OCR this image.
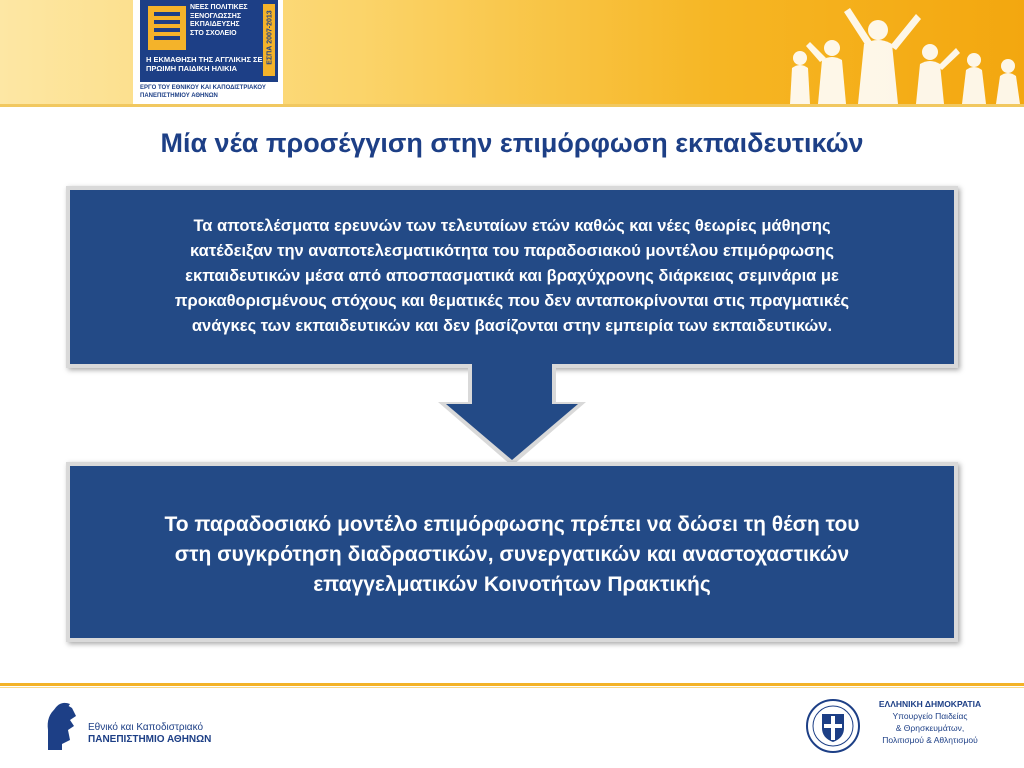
ΝΕΕΣ ΠΟΛΙΤΙΚΕΣ
ΞΕΝΟΓΛΩΣΣΗΣ
ΕΚΠΑΙΔΕΥΣΗΣ
ΣΤΟ ΣΧΟΛΕΙΟ
Η ΕΚΜΑΘΗΣΗ ΤΗΣ ΑΓΓΛΙΚΗΣ ΣΕ
ΠΡΩΙΜΗ ΠΑΙΔΙΚΗ ΗΛΙΚΙΑ
ΕΣΠΑ 2007-2013
ΕΡΓΟ ΤΟΥ ΕΘΝΙΚΟΥ ΚΑΙ ΚΑΠΟΔΙΣΤΡΙΑΚΟΥ
ΠΑΝΕΠΙΣΤΗΜΙΟΥ ΑΘΗΝΩΝ
Μία νέα προσέγγιση στην επιμόρφωση εκπαιδευτικών
Τα αποτελέσματα ερευνών των τελευταίων ετών καθώς και νέες θεωρίες μάθησης
κατέδειξαν την αναποτελεσματικότητα του παραδοσιακού μοντέλου επιμόρφωσης
εκπαιδευτικών μέσα από αποσπασματικά και βραχύχρονης διάρκειας σεμινάρια με
προκαθορισμένους στόχους και θεματικές που δεν ανταποκρίνονται στις πραγματικές
ανάγκες των εκπαιδευτικών και δεν βασίζονται στην εμπειρία των εκπαιδευτικών.
Το παραδοσιακό μοντέλο επιμόρφωσης πρέπει να δώσει τη θέση του
στη συγκρότηση διαδραστικών, συνεργατικών και αναστοχαστικών
επαγγελματικών Κοινοτήτων Πρακτικής
Εθνικό και Καποδιστριακό
ΠΑΝΕΠΙΣΤΗΜΙΟ ΑΘΗΝΩΝ
ΕΛΛΗΝΙΚΗ ΔΗΜΟΚΡΑΤΙΑ
Υπουργείο Παιδείας
& Θρησκευμάτων,
Πολιτισμού & Αθλητισμού
